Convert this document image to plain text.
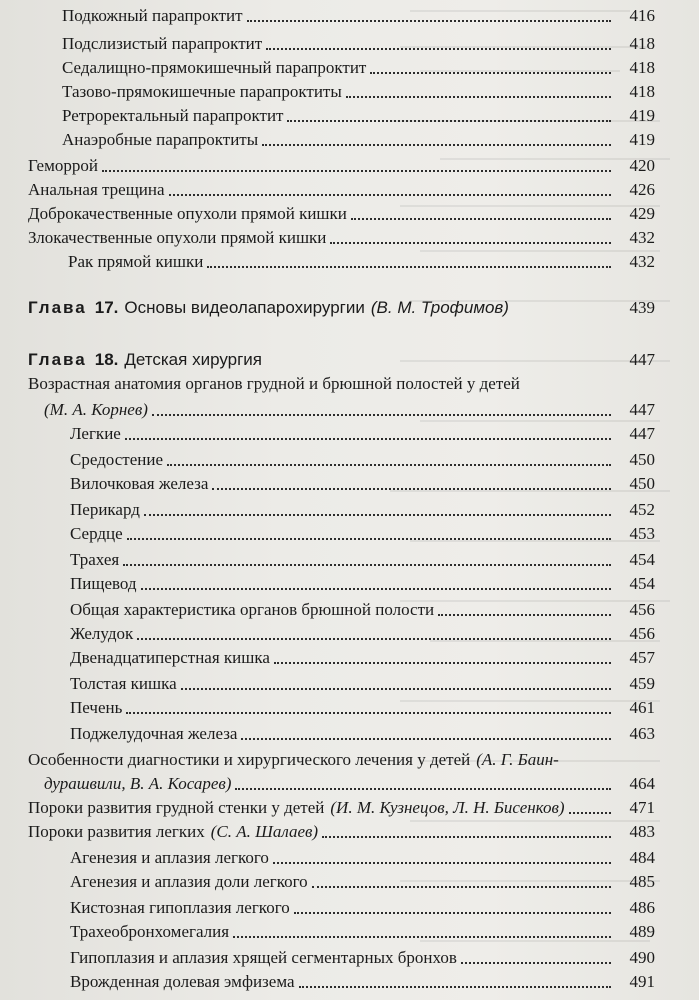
Подкожный парапроктит	416
Подслизистый парапроктит	418
Седалищно-прямокишечный парапроктит	418
Тазово-прямокишечные парапроктиты	418
Ретроректальный парапроктит	419
Анаэробные парапроктиты	419
Геморрой	420
Анальная трещина	426
Доброкачественные опухоли прямой кишки	429
Злокачественные опухоли прямой кишки	432
Рак прямой кишки	432
Глава 17. Основы видеолапарохирургии (В. М. Трофимов)	439
Глава 18. Детская хирургия	447
Возрастная анатомия органов грудной и брюшной полостей у детей
(М. А. Корнев)	447
Легкие	447
Средостение	450
Вилочковая железа	450
Перикард	452
Сердце	453
Трахея	454
Пищевод	454
Общая характеристика органов брюшной полости	456
Желудок	456
Двенадцатиперстная кишка	457
Толстая кишка	459
Печень	461
Поджелудочная железа	463
Особенности диагностики и хирургического лечения у детей (А. Г. Баин-
дурашвили, В. А. Косарев)	464
Пороки развития грудной стенки у детей (И. М. Кузнецов, Л. Н. Бисенков)	471
Пороки развития легких (С. А. Шалаев)	483
Агенезия и аплазия легкого	484
Агенезия и аплазия доли легкого	485
Кистозная гипоплазия легкого	486
Трахеобронхомегалия	489
Гипоплазия и аплазия хрящей сегментарных бронхов	490
Врожденная долевая эмфизема	491
